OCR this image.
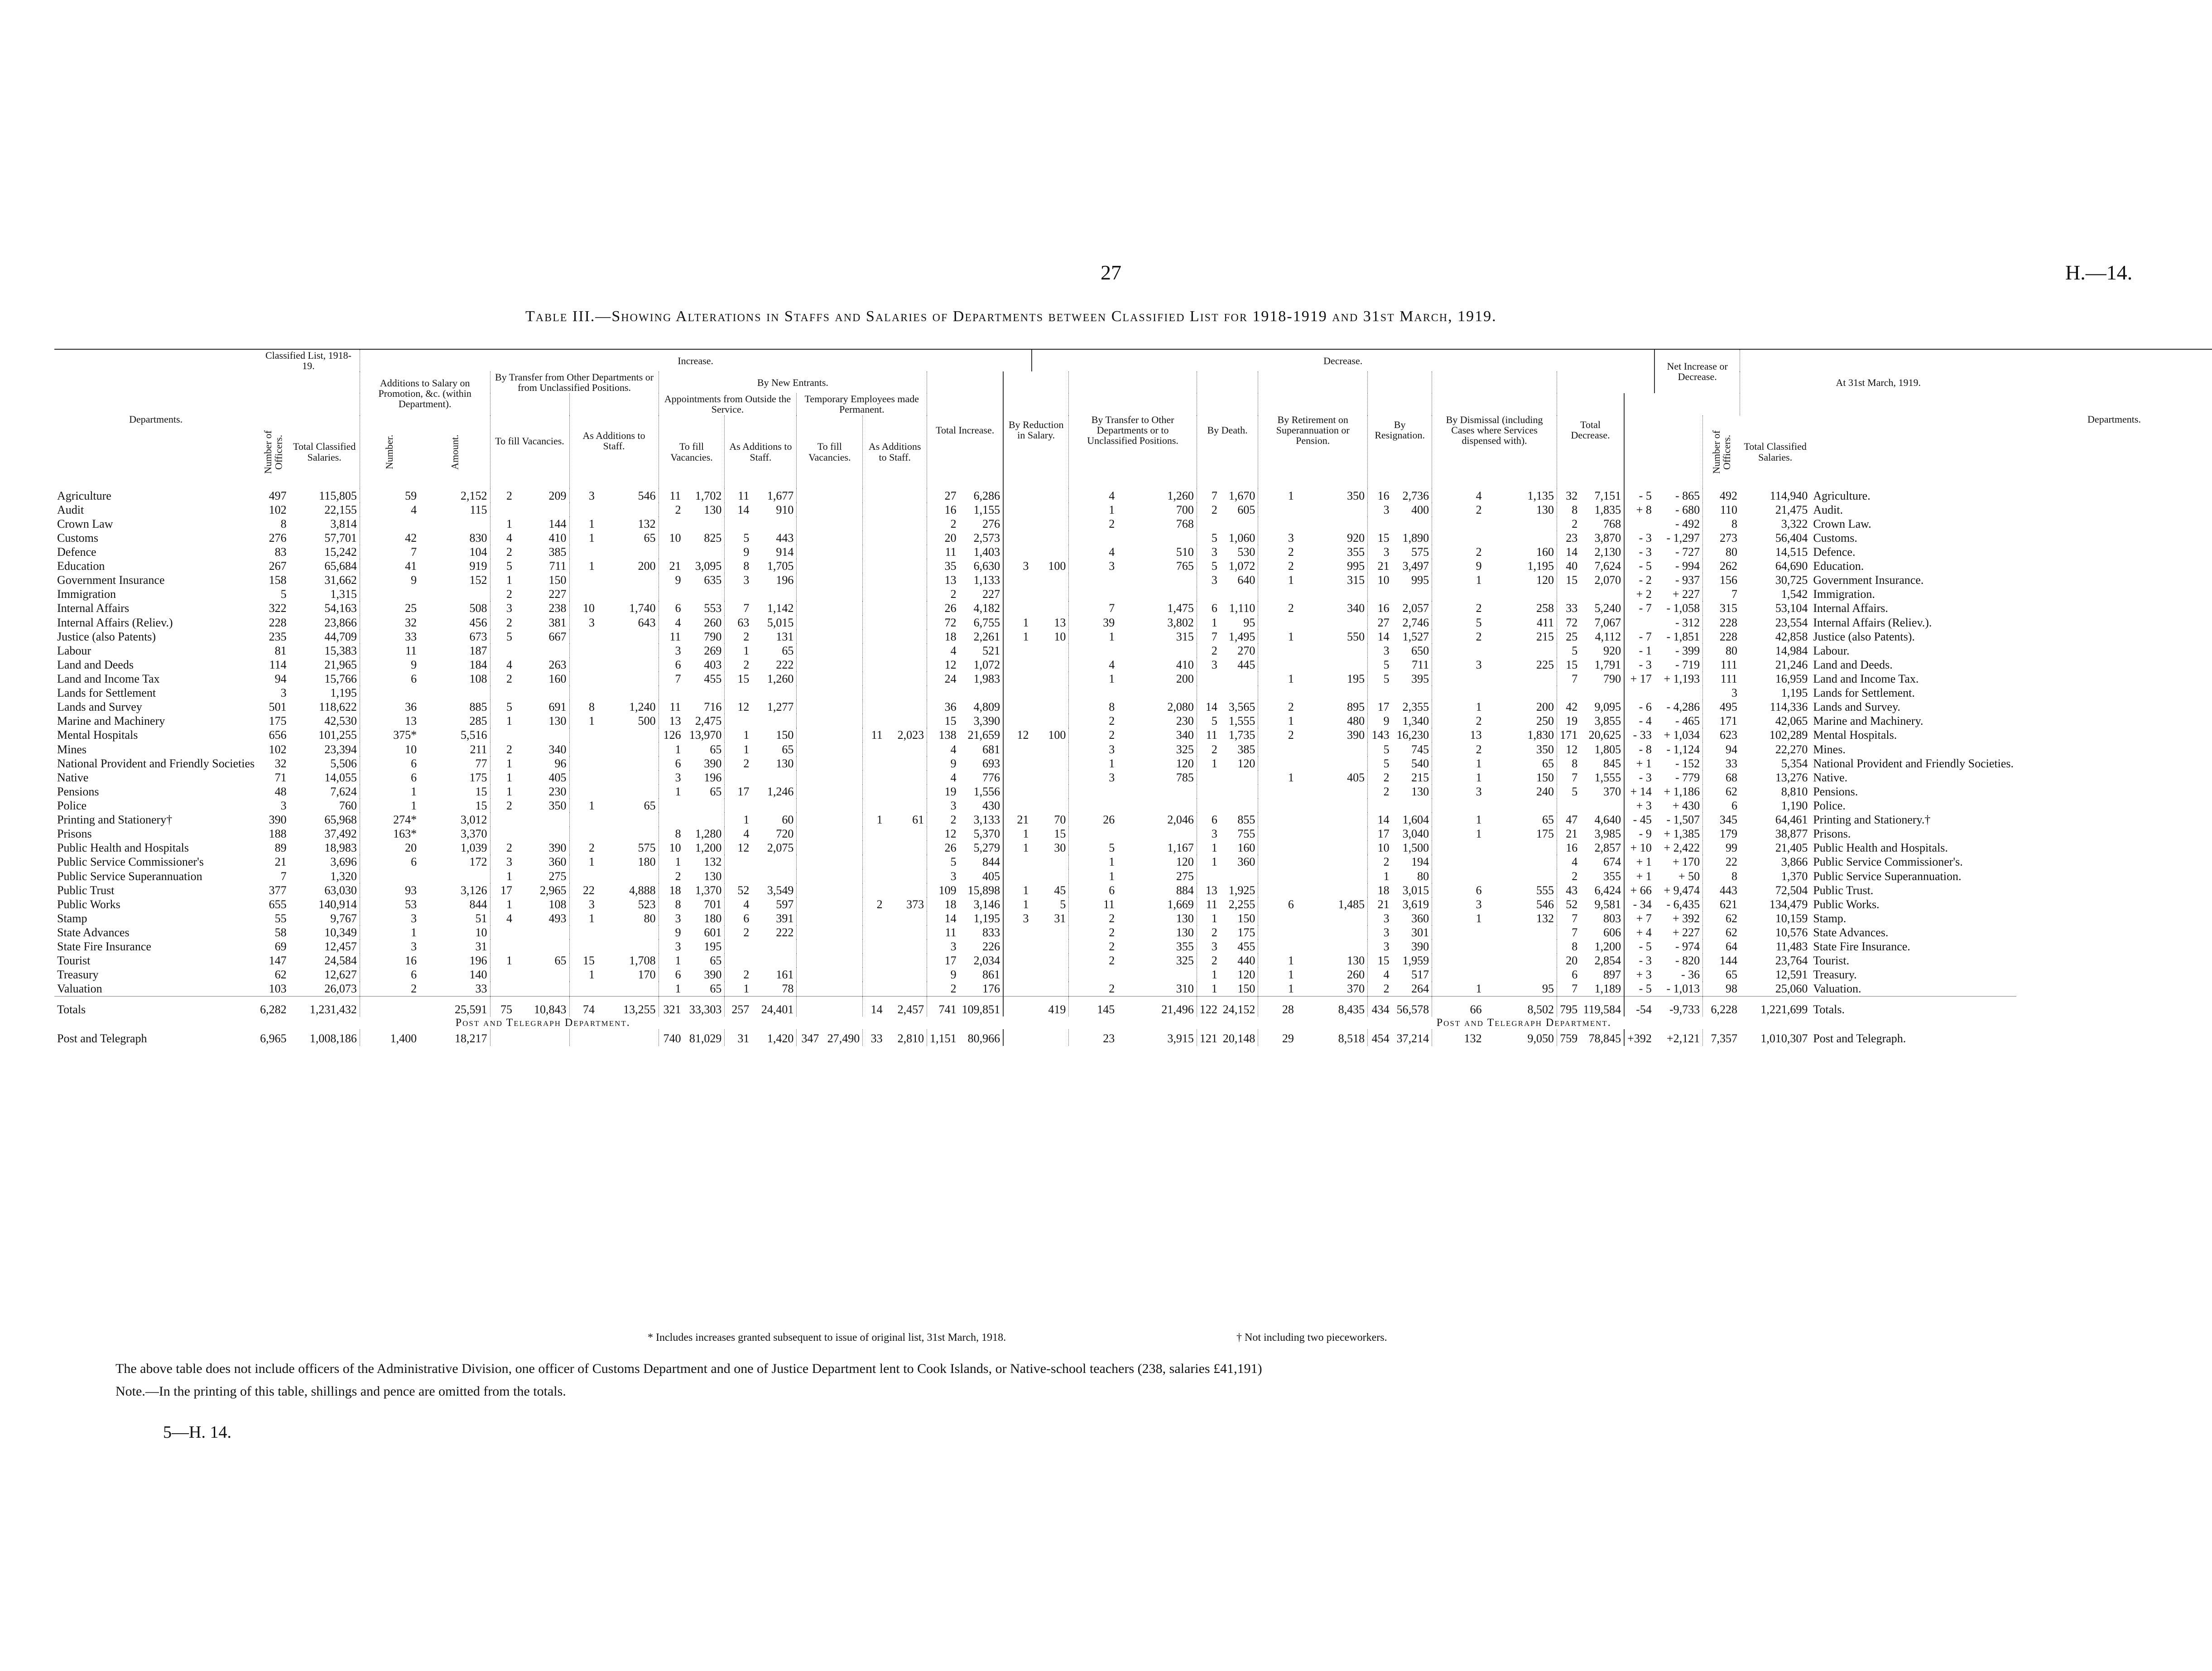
27	H.—14.
Table III.—Showing Alterations in Staffs and Salaries of Departments between Classified List for 1918-1919 and 31st March, 1919.
Departments.	Classified List, 1918-19.		Increase.																	Decrease.														Net Increase or Decrease.		At 31st March, 1919.		Departments.
			Additions to Salary on Promotion, &c. (within Department).		By Transfer from Other Departments or from Unclassified Positions.				By New Entrants.								Total Increase.		By Reduction in Salary.		By Transfer to Other Departments or to Unclassified Positions.		By Death.		By Retirement on Superannuation or Pension.		By Resignation.		By Dismissal (including Cases where Services dispensed with).		Total Decrease.							
					To fill Vacancies.		As Additions to Staff.		Appointments from Outside the Service.				Temporary Employees made Permanent.																									
	Number of Officers.	Total Classified Salaries.	Number.	Amount.					To fill Vacancies.		As Additions to Staff.		To fill Vacancies.		As Additions to Staff.																				Number of Officers.	Total Classified Salaries.		
Agriculture	497	115,805	59	2,152	2	209	3	546	11	1,702	11	1,677					27	6,286			4	1,260	7	1,670	1	350	16	2,736	4	1,135	32	7,151	- 5	- 865	492	114,940	Agriculture.	
Audit	102	22,155	4	115					2	130	14	910					16	1,155			1	700	2	605			3	400	2	130	8	1,835	+ 8	- 680	110	21,475	Audit.	
Crown Law	8	3,814			1	144	1	132									2	276			2	768									2	768		- 492	8	3,322	Crown Law.	
Customs	276	57,701	42	830	4	410	1	65	10	825	5	443					20	2,573					5	1,060	3	920	15	1,890			23	3,870	- 3	- 1,297	273	56,404	Customs.	
Defence	83	15,242	7	104	2	385					9	914					11	1,403			4	510	3	530	2	355	3	575	2	160	14	2,130	- 3	- 727	80	14,515	Defence.	
Education	267	65,684	41	919	5	711	1	200	21	3,095	8	1,705					35	6,630	3	100	3	765	5	1,072	2	995	21	3,497	9	1,195	40	7,624	- 5	- 994	262	64,690	Education.	
Government Insurance	158	31,662	9	152	1	150			9	635	3	196					13	1,133					3	640	1	315	10	995	1	120	15	2,070	- 2	- 937	156	30,725	Government Insurance.	
Immigration	5	1,315			2	227											2	227															+ 2	+ 227	7	1,542	Immigration.	
Internal Affairs	322	54,163	25	508	3	238	10	1,740	6	553	7	1,142					26	4,182			7	1,475	6	1,110	2	340	16	2,057	2	258	33	5,240	- 7	- 1,058	315	53,104	Internal Affairs.	
Internal Affairs (Reliev.)	228	23,866	32	456	2	381	3	643	4	260	63	5,015					72	6,755	1	13	39	3,802	1	95			27	2,746	5	411	72	7,067		- 312	228	23,554	Internal Affairs (Reliev.).	
Justice (also Patents)	235	44,709	33	673	5	667			11	790	2	131					18	2,261	1	10	1	315	7	1,495	1	550	14	1,527	2	215	25	4,112	- 7	- 1,851	228	42,858	Justice (also Patents).	
Labour	81	15,383	11	187					3	269	1	65					4	521					2	270			3	650			5	920	- 1	- 399	80	14,984	Labour.	
Land and Deeds	114	21,965	9	184	4	263			6	403	2	222					12	1,072			4	410	3	445			5	711	3	225	15	1,791	- 3	- 719	111	21,246	Land and Deeds.	
Land and Income Tax	94	15,766	6	108	2	160			7	455	15	1,260					24	1,983			1	200			1	195	5	395			7	790	+ 17	+ 1,193	111	16,959	Land and Income Tax.	
Lands for Settlement	3	1,195																																	3	1,195	Lands for Settlement.	
Lands and Survey	501	118,622	36	885	5	691	8	1,240	11	716	12	1,277					36	4,809			8	2,080	14	3,565	2	895	17	2,355	1	200	42	9,095	- 6	- 4,286	495	114,336	Lands and Survey.	
Marine and Machinery	175	42,530	13	285	1	130	1	500	13	2,475							15	3,390			2	230	5	1,555	1	480	9	1,340	2	250	19	3,855	- 4	- 465	171	42,065	Marine and Machinery.	
Mental Hospitals	656	101,255	375*	5,516					126	13,970	1	150			11	2,023	138	21,659	12	100	2	340	11	1,735	2	390	143	16,230	13	1,830	171	20,625	- 33	+ 1,034	623	102,289	Mental Hospitals.	
Mines	102	23,394	10	211	2	340			1	65	1	65					4	681			3	325	2	385			5	745	2	350	12	1,805	- 8	- 1,124	94	22,270	Mines.	
National Provident and Friendly Societies	32	5,506	6	77	1	96			6	390	2	130					9	693			1	120	1	120			5	540	1	65	8	845	+ 1	- 152	33	5,354	National Provident and Friendly Societies.	
Native	71	14,055	6	175	1	405			3	196							4	776			3	785			1	405	2	215	1	150	7	1,555	- 3	- 779	68	13,276	Native.	
Pensions	48	7,624	1	15	1	230			1	65	17	1,246					19	1,556									2	130	3	240	5	370	+ 14	+ 1,186	62	8,810	Pensions.	
Police	3	760	1	15	2	350	1	65									3	430															+ 3	+ 430	6	1,190	Police.	
Printing and Stationery†	390	65,968	274*	3,012							1	60			1	61	2	3,133	21	70	26	2,046	6	855			14	1,604	1	65	47	4,640	- 45	- 1,507	345	64,461	Printing and Stationery.†	
Prisons	188	37,492	163*	3,370					8	1,280	4	720					12	5,370	1	15			3	755			17	3,040	1	175	21	3,985	- 9	+ 1,385	179	38,877	Prisons.	
Public Health and Hospitals	89	18,983	20	1,039	2	390	2	575	10	1,200	12	2,075					26	5,279	1	30	5	1,167	1	160			10	1,500			16	2,857	+ 10	+ 2,422	99	21,405	Public Health and Hospitals.	
Public Service Commissioner's	21	3,696	6	172	3	360	1	180	1	132							5	844			1	120	1	360			2	194			4	674	+ 1	+ 170	22	3,866	Public Service Commissioner's.	
Public Service Superannuation	7	1,320			1	275			2	130							3	405			1	275					1	80			2	355	+ 1	+ 50	8	1,370	Public Service Superannuation.	
Public Trust	377	63,030	93	3,126	17	2,965	22	4,888	18	1,370	52	3,549					109	15,898	1	45	6	884	13	1,925			18	3,015	6	555	43	6,424	+ 66	+ 9,474	443	72,504	Public Trust.	
Public Works	655	140,914	53	844	1	108	3	523	8	701	4	597			2	373	18	3,146	1	5	11	1,669	11	2,255	6	1,485	21	3,619	3	546	52	9,581	- 34	- 6,435	621	134,479	Public Works.	
Stamp	55	9,767	3	51	4	493	1	80	3	180	6	391					14	1,195	3	31	2	130	1	150			3	360	1	132	7	803	+ 7	+ 392	62	10,159	Stamp.	
State Advances	58	10,349	1	10					9	601	2	222					11	833			2	130	2	175			3	301			7	606	+ 4	+ 227	62	10,576	State Advances.	
State Fire Insurance	69	12,457	3	31					3	195							3	226			2	355	3	455			3	390			8	1,200	- 5	- 974	64	11,483	State Fire Insurance.	
Tourist	147	24,584	16	196	1	65	15	1,708	1	65							17	2,034			2	325	2	440	1	130	15	1,959			20	2,854	- 3	- 820	144	23,764	Tourist.	
Treasury	62	12,627	6	140			1	170	6	390	2	161					9	861					1	120	1	260	4	517			6	897	+ 3	- 36	65	12,591	Treasury.	
Valuation	103	26,073	2	33					1	65	1	78					2	176			2	310	1	150	1	370	2	264	1	95	7	1,189	- 5	- 1,013	98	25,060	Valuation.	
Totals	6,282	1,231,432		25,591	75	10,843	74	13,255	321	33,303	257	24,401			14	2,457	741	109,851		419	145	21,496	122	24,152	28	8,435	434	56,578	66	8,502	795	119,584	-54	-9,733	6,228	1,221,699	Totals.	
Post and Telegraph Department.																				Post and Telegraph Department.																		
Post and Telegraph	6,965	1,008,186	1,400	18,217					740	81,029	31	1,420	347	27,490	33	2,810	1,151	80,966			23	3,915	121	20,148	29	8,518	454	37,214	132	9,050	759	78,845	+392	+2,121	7,357	1,010,307	Post and Telegraph.	
* Includes increases granted subsequent to issue of original list, 31st March, 1918.	† Not including two pieceworkers.
The above table does not include officers of the Administrative Division, one officer of Customs Department and one of Justice Department lent to Cook Islands, or Native-school teachers (238, salaries £41,191)
Note.—In the printing of this table, shillings and pence are omitted from the totals.
5—H. 14.
